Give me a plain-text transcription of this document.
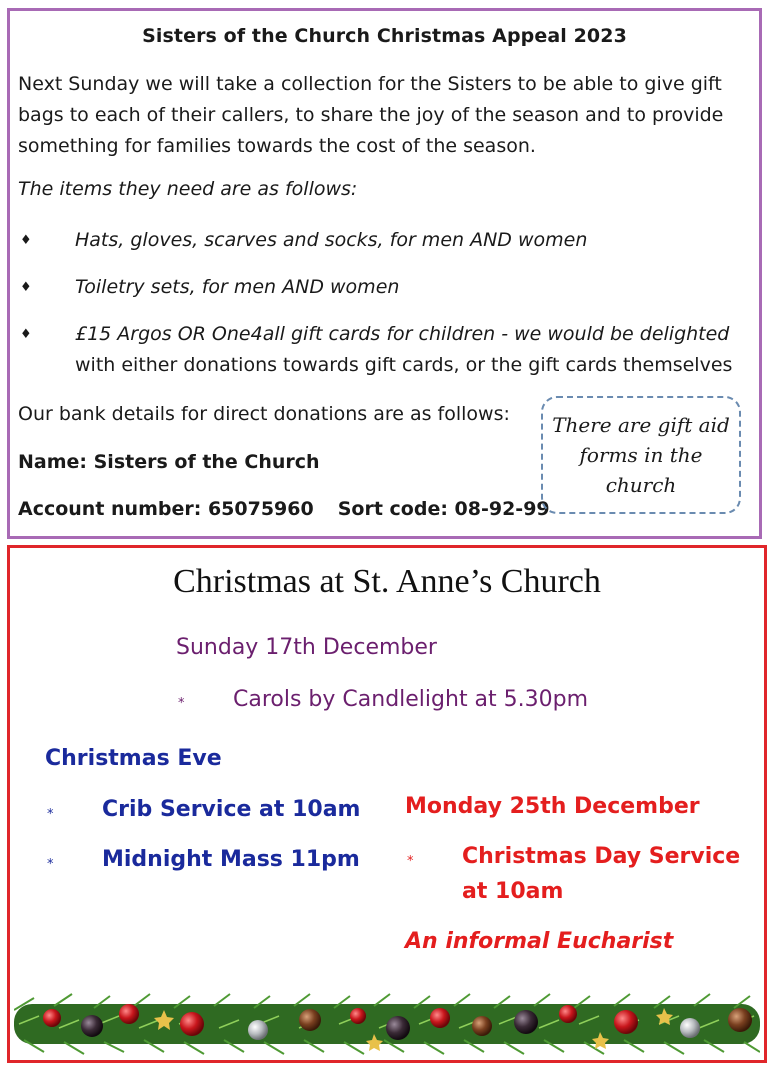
Sisters of the Church Christmas Appeal 2023
Next Sunday we will take a collection for the Sisters to be able to give gift bags to each of their callers, to share the joy of the season and to provide something for families towards the cost of the season.
The items they need are as follows:
♦ Hats, gloves, scarves and socks, for men AND women
♦ Toiletry sets, for men AND women
♦ £15 Argos OR One4all gift cards for children - we would be delighted
with either donations towards gift cards, or the gift cards themselves
Our bank details for direct donations are as follows:
Name: Sisters of the Church
Account number: 65075960 Sort code: 08-92-99
There are gift aid forms in the church
Christmas at St. Anne’s Church
Sunday 17th December
* Carols by Candlelight at 5.30pm
Christmas Eve
* Crib Service at 10am
* Midnight Mass 11pm
Monday 25th December
* Christmas Day Service
at 10am
An informal Eucharist
